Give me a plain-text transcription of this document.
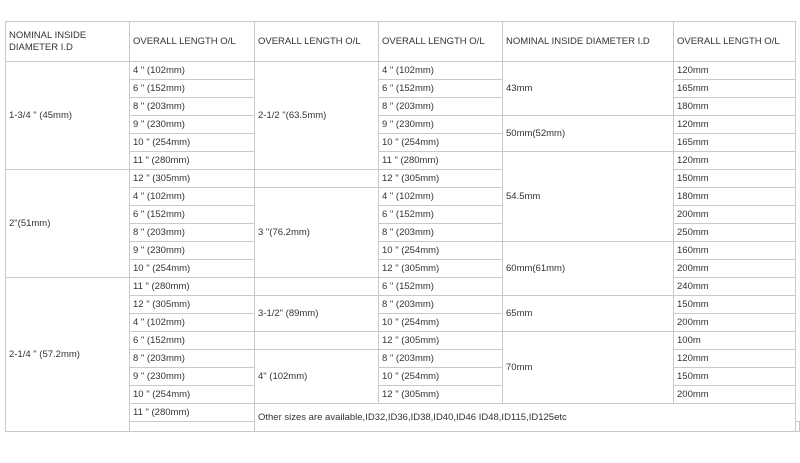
NOMINAL INSIDE DIAMETER I.D	OVERALL LENGTH O/L	OVERALL LENGTH O/L	OVERALL LENGTH O/L	NOMINAL INSIDE DIAMETER I.D	OVERALL LENGTH O/L	
1-3/4 " (45mm)	4 " (102mm)	2-1/2 "(63.5mm)	4 " (102mm)	43mm	120mm	
	6 " (152mm)		6 " (152mm)		165mm	
	8 " (203mm)		8 " (203mm)		180mm	
	9 " (230mm)		9 " (230mm)	50mm(52mm)	120mm	
	10 " (254mm)		10 " (254mm)		165mm	
	11 " (280mm)		11 " (280mm)	54.5mm	120mm	
2"(51mm)	12 " (305mm)		12 " (305mm)		150mm	
	4 " (102mm)	3 "(76.2mm)	4 " (102mm)		180mm	
	6 " (152mm)		6 " (152mm)		200mm	
	8 " (203mm)		8 " (203mm)		250mm	
	9 " (230mm)		10 " (254mm)	60mm(61mm)	160mm	
	10 " (254mm)		12 " (305mm)		200mm	
2-1/4 " (57.2mm)	11 " (280mm)		6 " (152mm)		240mm	
	12 " (305mm)	3-1/2" (89mm)	8 " (203mm)	65mm	150mm	
	4 " (102mm)		10 " (254mm)		200mm	
	6 " (152mm)		12 " (305mm)	70mm	100m	
	8 " (203mm)	4" (102mm)	8 " (203mm)		120mm	
	9 " (230mm)		10 " (254mm)		150mm	
	10 " (254mm)		12 " (305mm)		200mm	
	11 " (280mm)	Other sizes are available,ID32,ID36,ID38,ID40,ID46 ID48,ID115,ID125etc				
